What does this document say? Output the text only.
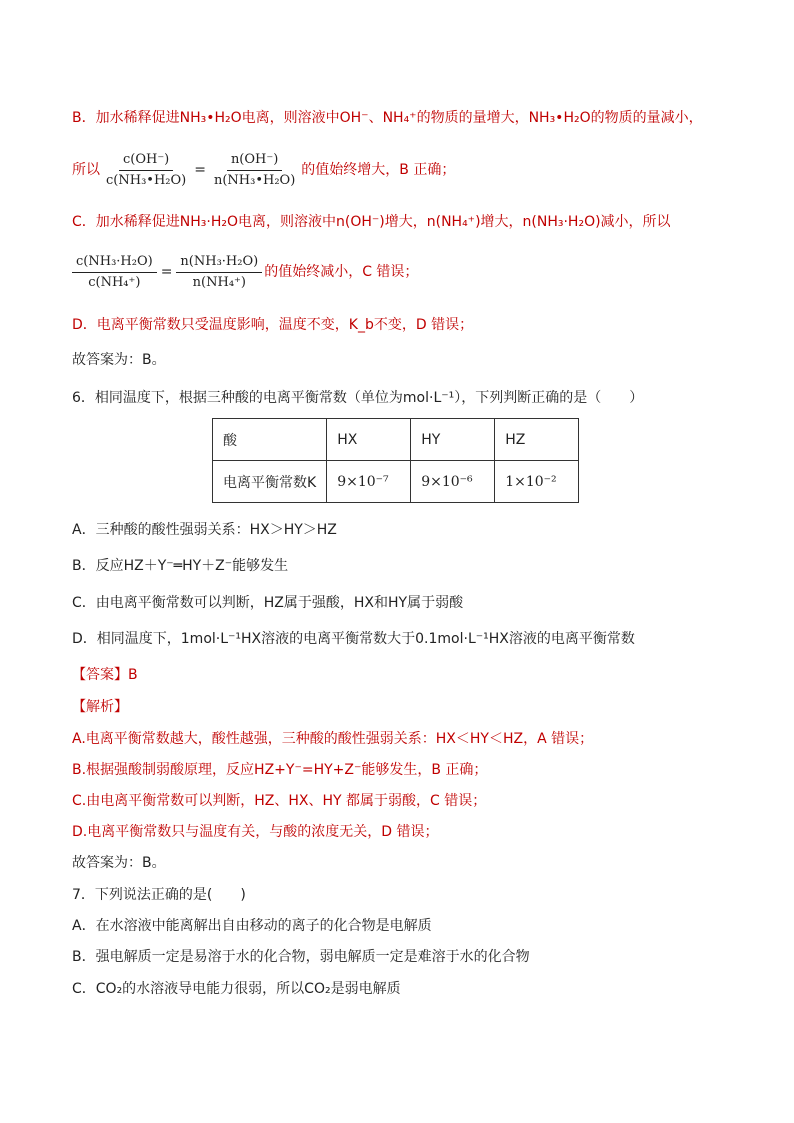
B．加水稀释促进NH₃•H₂O电离，则溶液中OH⁻、NH₄⁺的物质的量增大，NH₃•H₂O的物质的量减小，
所以 $\frac{c(OH^-)}{\text{c(NH₃•H₂O)}} = \frac{n(OH^-)}{\text{n(NH₃•H₂O)}}$ 的值始终增大，B 正确；
C．加水稀释促进NH₃·H₂O电离，则溶液中n(OH⁻)增大，n(NH₄⁺)增大，n(NH₃·H₂O)减小，所以
$\frac{\text{c(NH₃·H₂O)}}{\text{c(NH₄⁺)}} = \frac{\text{n(NH₃·H₂O)}}{\text{n(NH₄⁺)}}$ 的值始终减小，C 错误；
D．电离平衡常数只受温度影响，温度不变，K_b不变，D 错误；
故答案为：B。
6．相同温度下，根据三种酸的电离平衡常数（单位为mol·L⁻¹），下列判断正确的是（　　）
酸	HX	HY	HZ
电离平衡常数K	9×10⁻⁷	9×10⁻⁶	1×10⁻²
A．三种酸的酸性强弱关系：HX＞HY＞HZ
B．反应HZ＋Y⁻═HY＋Z⁻能够发生
C．由电离平衡常数可以判断，HZ属于强酸，HX和HY属于弱酸
D．相同温度下，1mol·L⁻¹HX溶液的电离平衡常数大于0.1mol·L⁻¹HX溶液的电离平衡常数
【答案】B
【解析】
A.电离平衡常数越大，酸性越强，三种酸的酸性强弱关系：HX＜HY＜HZ，A 错误；
B.根据强酸制弱酸原理，反应HZ+Y⁻=HY+Z⁻能够发生，B 正确；
C.由电离平衡常数可以判断，HZ、HX、HY 都属于弱酸，C 错误；
D.电离平衡常数只与温度有关，与酸的浓度无关，D 错误；
故答案为：B。
7．下列说法正确的是(　　)
A．在水溶液中能离解出自由移动的离子的化合物是电解质
B．强电解质一定是易溶于水的化合物，弱电解质一定是难溶于水的化合物
C．CO₂的水溶液导电能力很弱，所以CO₂是弱电解质
